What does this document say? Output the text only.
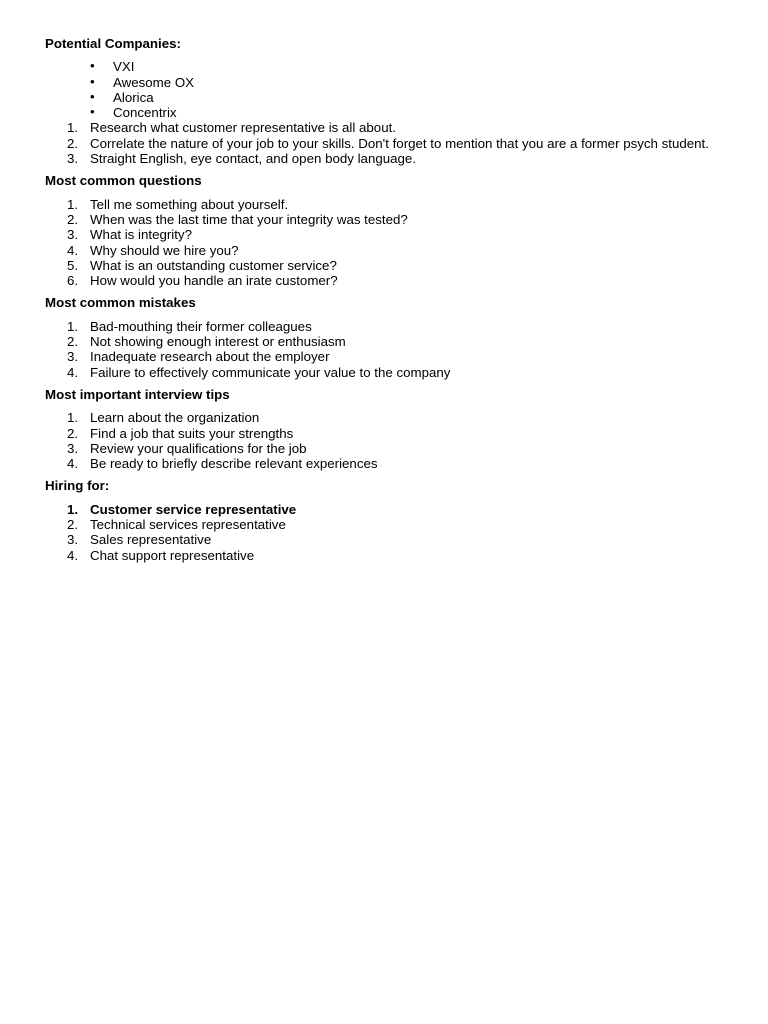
Potential Companies:
• VXI
• Awesome OX
• Alorica
• Concentrix
1. Research what customer representative is all about.
2. Correlate the nature of your job to your skills. Don't forget to mention that you are a former psych student.
3. Straight English, eye contact, and open body language.
Most common questions
1. Tell me something about yourself.
2. When was the last time that your integrity was tested?
3. What is integrity?
4. Why should we hire you?
5. What is an outstanding customer service?
6. How would you handle an irate customer?
Most common mistakes
1. Bad-mouthing their former colleagues
2. Not showing enough interest or enthusiasm
3. Inadequate research about the employer
4. Failure to effectively communicate your value to the company
Most important interview tips
1. Learn about the organization
2. Find a job that suits your strengths
3. Review your qualifications for the job
4. Be ready to briefly describe relevant experiences
Hiring for:
1. Customer service representative
2. Technical services representative
3. Sales representative
4. Chat support representative
